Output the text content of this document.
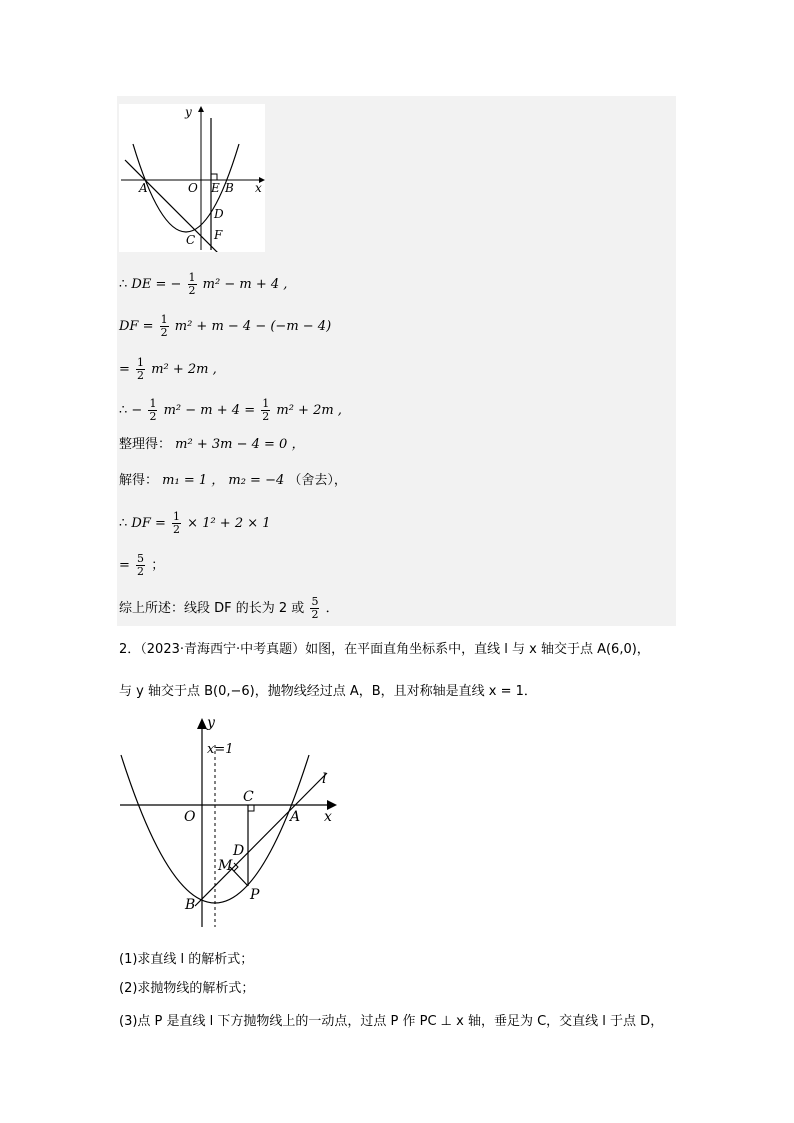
y
x
A	O E B
D
C F
∴ DE = − $\frac{1}{2} m^2 - m + 4$ ,
DF = $\frac{1}{2} m^2 + m - 4 - (-m - 4)$
= $\frac{1}{2} m^2 + 2m$ ,
∴ − $\frac{1}{2} m^2 - m + 4 = \frac{1}{2} m^2 + 2m$ ,
整理得： m² + 3m − 4 = 0 ，
解得： m₁ = 1 ， m₂ = −4 （舍去），
∴ DF = $\frac{1}{2} \times 1^2 + 2 \times 1$
= $\frac{5}{2}$ ；
综上所述：线段 DF 的长为 2 或 $\frac{5}{2}$ ．
2．（2023·青海西宁·中考真题）如图，在平面直角坐标系中，直线 l 与 x 轴交于点 A(6,0)，
与 y 轴交于点 B(0,−6)，抛物线经过点 A，B，且对称轴是直线 x = 1．
y
x=1
l
C
O	A x
D
M
P
B
(1)求直线 l 的解析式；
(2)求抛物线的解析式；
(3)点 P 是直线 l 下方抛物线上的一动点，过点 P 作 PC ⊥ x 轴，垂足为 C，交直线 l 于点 D，
